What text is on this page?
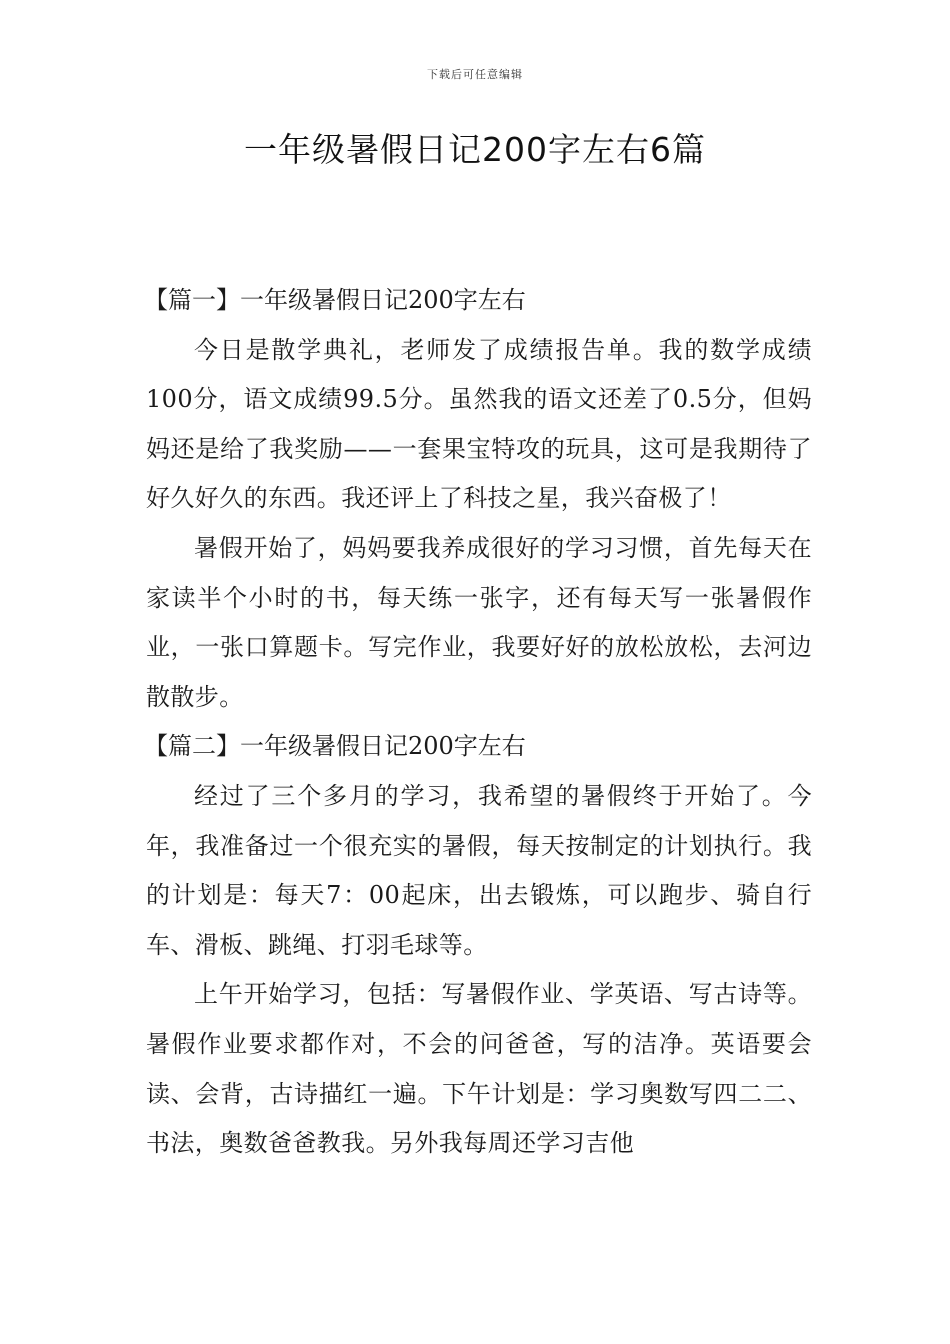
下载后可任意编辑
一年级暑假日记200字左右6篇

【篇一】一年级暑假日记200字左右

今日是散学典礼，老师发了成绩报告单。我的数学成绩100分，语文成绩99.5分。虽然我的语文还差了0.5分，但妈妈还是给了我奖励——一套果宝特攻的玩具，这可是我期待了好久好久的东西。我还评上了科技之星，我兴奋极了！

暑假开始了，妈妈要我养成很好的学习习惯，首先每天在家读半个小时的书，每天练一张字，还有每天写一张暑假作业，一张口算题卡。写完作业，我要好好的放松放松，去河边散散步。

【篇二】一年级暑假日记200字左右

经过了三个多月的学习，我希望的暑假终于开始了。今年，我准备过一个很充实的暑假，每天按制定的计划执行。我的计划是：每天7：00起床，出去锻炼，可以跑步、骑自行车、滑板、跳绳、打羽毛球等。

上午开始学习，包括：写暑假作业、学英语、写古诗等。暑假作业要求都作对，不会的问爸爸，写的洁净。英语要会读、会背，古诗描红一遍。下午计划是：学习奥数写四二二、书法，奥数爸爸教我。另外我每周还学习吉他
